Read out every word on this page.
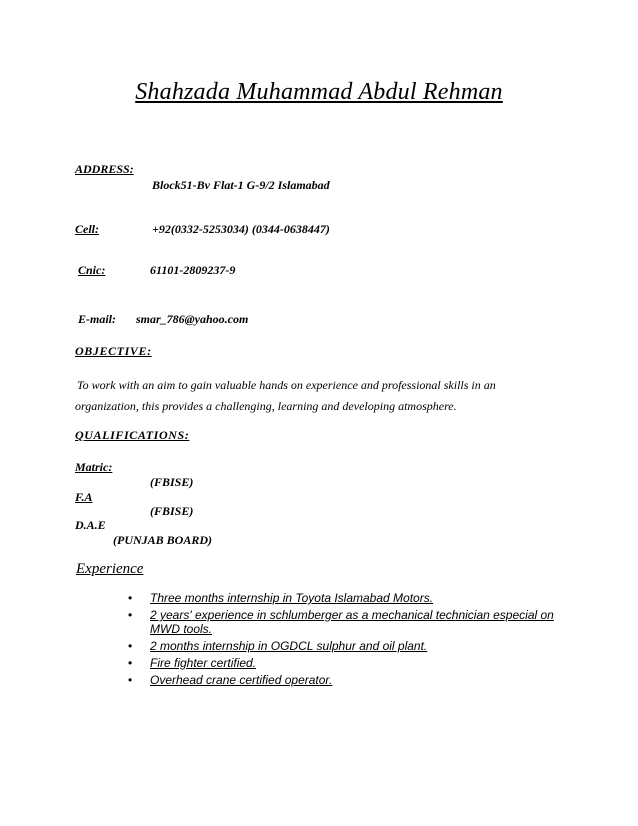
Shahzada Muhammad Abdul Rehman
ADDRESS:
Block51-Bv Flat-1 G-9/2 Islamabad
Cell:	+92(0332-5253034) (0344-0638447)
Cnic:	61101-2809237-9
E-mail: smar_786@yahoo.com
OBJECTIVE:
To work with an aim to gain valuable hands on experience and professional skills in an
organization, this provides a challenging, learning and developing atmosphere.
QUALIFICATIONS:
Matric:
(FBISE)
F.A
(FBISE)
D.A.E
(PUNJAB BOARD)
Experience
• Three months internship in Toyota Islamabad Motors.
• 2 years' experience in schlumberger as a mechanical technician especial on MWD tools.
• 2 months internship in OGDCL sulphur and oil plant.
• Fire fighter certified.
• Overhead crane certified operator.
